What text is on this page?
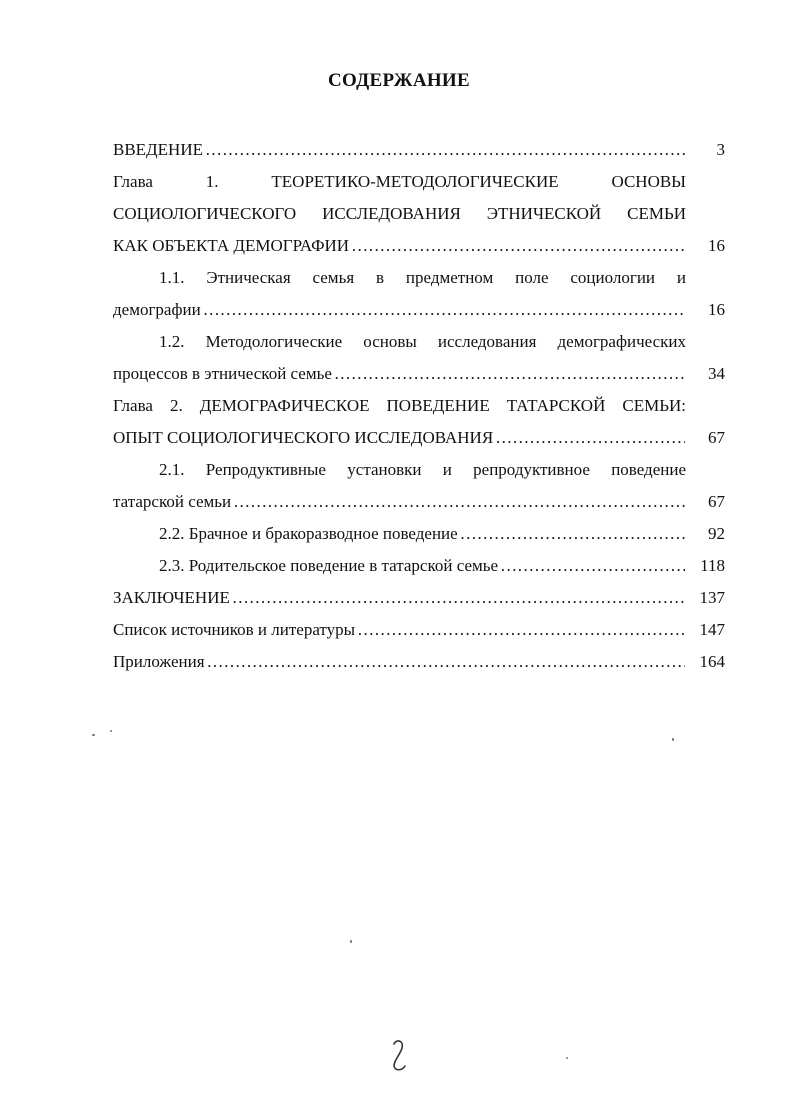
СОДЕРЖАНИЕ
ВВЕДЕНИЕ ………………………………………………………………………………………………………………………………………………………	3
Глава	1.	ТЕОРЕТИКО-МЕТОДОЛОГИЧЕСКИЕ	ОСНОВЫ
СОЦИОЛОГИЧЕСКОГО ИССЛЕДОВАНИЯ ЭТНИЧЕСКОЙ СЕМЬИ
КАК ОБЪЕКТА ДЕМОГРАФИИ ………………………………………………………………………………………………………………………………………………………	16
1.1. Этническая семья в предметном поле социологии и
демографии ………………………………………………………………………………………………………………………………………………………	16
1.2. Методологические основы исследования демографических
процессов в этнической семье ………………………………………………………………………………………………………………………………………………………	34
Глава 2. ДЕМОГРАФИЧЕСКОЕ ПОВЕДЕНИЕ ТАТАРСКОЙ СЕМЬИ:
ОПЫТ СОЦИОЛОГИЧЕСКОГО ИССЛЕДОВАНИЯ ………………………………………………………………………………………………………………………………………………………	67
2.1. Репродуктивные установки и репродуктивное поведение
татарской семьи ………………………………………………………………………………………………………………………………………………………	67
2.2. Брачное и бракоразводное поведение ………………………………………………………………………………………………………………………………………………………	92
2.3. Родительское поведение в татарской семье ………………………………………………………………………………………………………………………………………………………	118
ЗАКЛЮЧЕНИЕ ………………………………………………………………………………………………………………………………………………………	137
Список источников и литературы ………………………………………………………………………………………………………………………………………………………	147
Приложения ………………………………………………………………………………………………………………………………………………………	164
